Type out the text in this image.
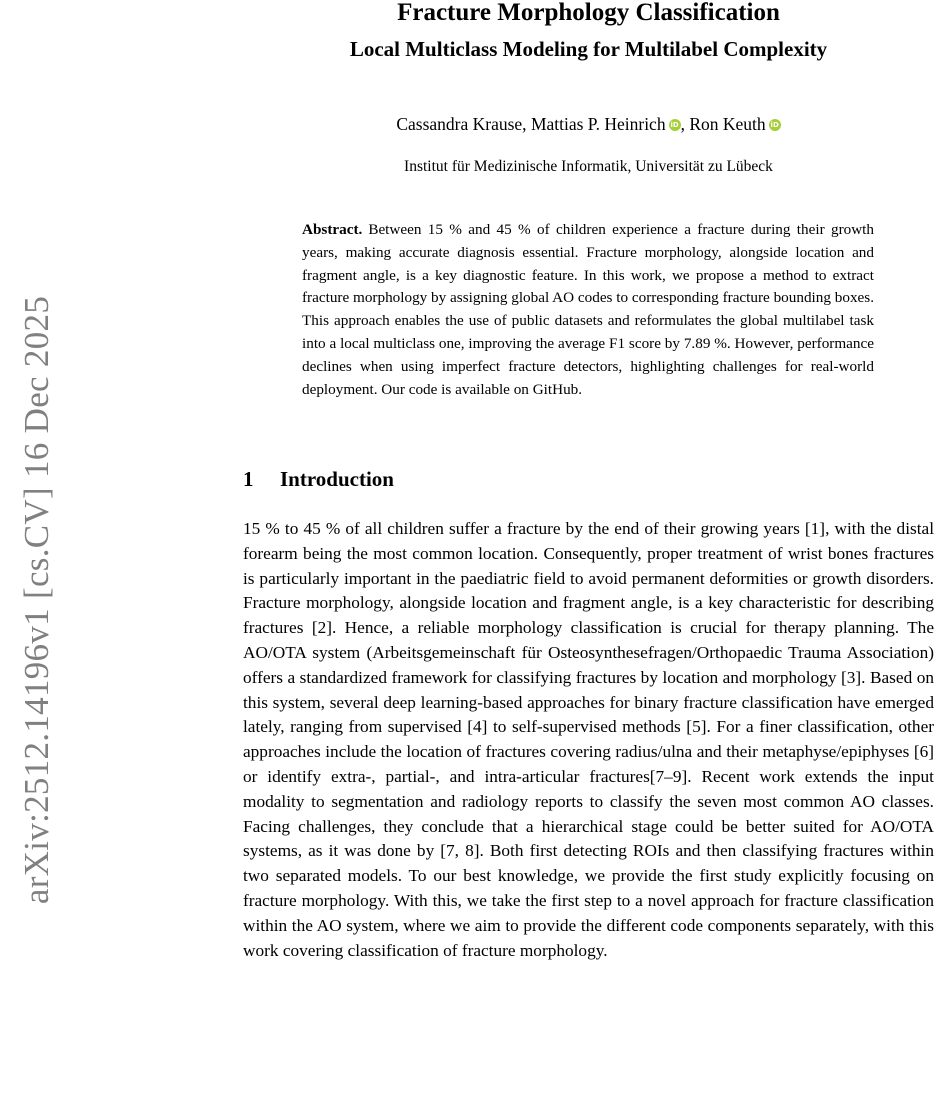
arXiv:2512.14196v1 [cs.CV] 16 Dec 2025
Fracture Morphology Classification
Local Multiclass Modeling for Multilabel Complexity
Cassandra Krause, Mattias P. Heinrich iD , Ron Keuth iD
Institut für Medizinische Informatik, Universität zu Lübeck
Abstract. Between 15 % and 45 % of children experience a fracture during their growth years, making accurate diagnosis essential. Fracture morphology, alongside location and fragment angle, is a key diagnostic feature. In this work, we propose a method to extract fracture morphology by assigning global AO codes to corresponding fracture bounding boxes. This approach enables the use of public datasets and reformulates the global multilabel task into a local multiclass one, improving the average F1 score by 7.89 %. However, performance declines when using imperfect fracture detectors, highlighting challenges for real-world deployment. Our code is available on GitHub.
1 Introduction
15 % to 45 % of all children suffer a fracture by the end of their growing years [1], with the distal forearm being the most common location. Consequently, proper treatment of wrist bones fractures is particularly important in the paediatric field to avoid permanent deformities or growth disorders. Fracture morphology, alongside location and fragment angle, is a key characteristic for describing fractures [2]. Hence, a reliable morphology classification is crucial for therapy planning. The AO/OTA system (Arbeitsgemeinschaft für Osteosynthesefragen/Orthopaedic Trauma Association) offers a standardized framework for classifying fractures by location and morphology [3]. Based on this system, several deep learning-based approaches for binary fracture classification have emerged lately, ranging from supervised [4] to self-supervised methods [5]. For a finer classification, other approaches include the location of fractures covering radius/ulna and their metaphyse/epiphyses [6] or identify extra-, partial-, and intra-articular fractures[7–9]. Recent work extends the input modality to segmentation and radiology reports to classify the seven most common AO classes. Facing challenges, they conclude that a hierarchical stage could be better suited for AO/OTA systems, as it was done by [7, 8]. Both first detecting ROIs and then classifying fractures within two separated models. To our best knowledge, we provide the first study explicitly focusing on fracture morphology. With this, we take the first step to a novel approach for fracture classification within the AO system, where we aim to provide the different code components separately, with this work covering classification of fracture morphology.
